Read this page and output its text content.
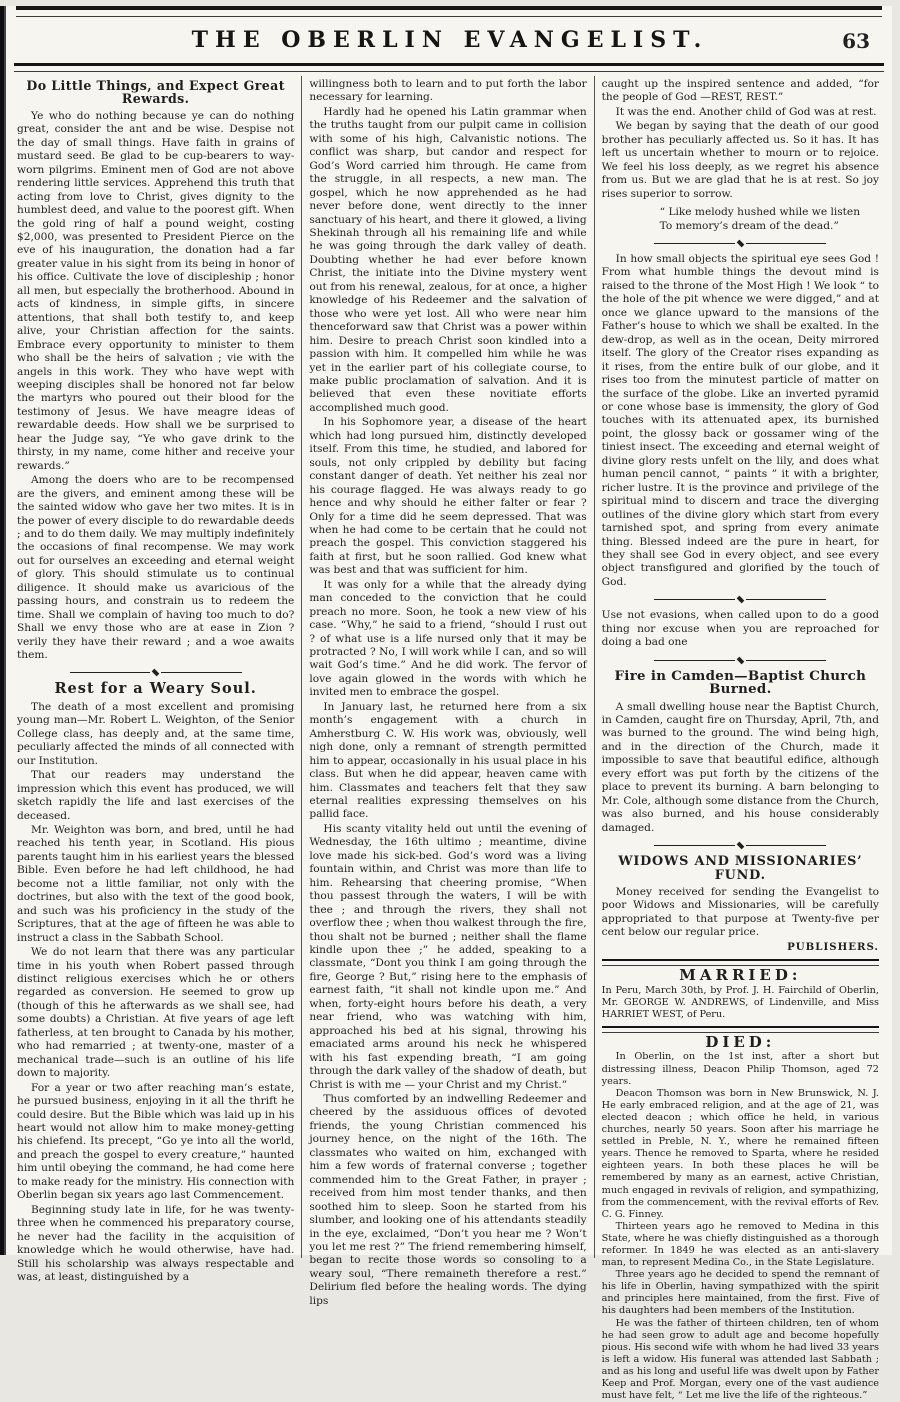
THE OBERLIN EVANGELIST.	63
Do Little Things, and Expect Great Rewards.

Ye who do nothing because ye can do nothing great, consider the ant and be wise. Despise not the day of small things. Have faith in grains of mustard seed. Be glad to be cup-bearers to way-worn pilgrims. Eminent men of God are not above rendering little services. Apprehend this truth that acting from love to Christ, gives dignity to the humblest deed, and value to the poorest gift. When the gold ring of half a pound weight, costing $2,000, was presented to President Pierce on the eve of his inauguration, the donation had a far greater value in his sight from its being in honor of his office. Cultivate the love of discipleship ; honor all men, but especially the brotherhood. Abound in acts of kindness, in simple gifts, in sincere attentions, that shall both testify to, and keep alive, your Christian affection for the saints. Embrace every opportunity to minister to them who shall be the heirs of salvation ; vie with the angels in this work. They who have wept with weeping disciples shall be honored not far below the martyrs who poured out their blood for the testimony of Jesus. We have meagre ideas of rewardable deeds. How shall we be surprised to hear the Judge say, “Ye who gave drink to the thirsty, in my name, come hither and receive your rewards.”

Among the doers who are to be recompensed are the givers, and eminent among these will be the sainted widow who gave her two mites. It is in the power of every disciple to do rewardable deeds ; and to do them daily. We may multiply indefinitely the occasions of final recompense. We may work out for ourselves an exceeding and eternal weight of glory. This should stimulate us to continual diligence. It should make us avaricious of the passing hours, and constrain us to redeem the time. Shall we complain of having too much to do? Shall we envy those who are at ease in Zion ? verily they have their reward ; and a woe awaits them.

Rest for a Weary Soul.

The death of a most excellent and promising young man—Mr. Robert L. Weighton, of the Senior College class, has deeply and, at the same time, peculiarly affected the minds of all connected with our Institution.

That our readers may understand the impression which this event has produced, we will sketch rapidly the life and last exercises of the deceased.

Mr. Weighton was born, and bred, until he had reached his tenth year, in Scotland. His pious parents taught him in his earliest years the blessed Bible. Even before he had left childhood, he had become not a little familiar, not only with the doctrines, but also with the text of the good book, and such was his proficiency in the study of the Scriptures, that at the age of fifteen he was able to instruct a class in the Sabbath School.

We do not learn that there was any particular time in his youth when Robert passed through distinct religious exercises which he or others regarded as conversion. He seemed to grow up (though of this he afterwards as we shall see, had some doubts) a Christian. At five years of age left fatherless, at ten brought to Canada by his mother, who had remarried ; at twenty-one, master of a mechanical trade—such is an outline of his life down to majority.

For a year or two after reaching man’s estate, he pursued business, enjoying in it all the thrift he could desire. But the Bible which was laid up in his heart would not allow him to make money-getting his chiefend. Its precept, “Go ye into all the world, and preach the gospel to every creature,” haunted him until obeying the command, he had come here to make ready for the ministry. His connection with Oberlin began six years ago last Commencement.

Beginning study late in life, for he was twenty-three when he commenced his preparatory course, he never had the facility in the acquisition of knowledge which he would otherwise, have had. Still his scholarship was always respectable and was, at least, distinguished by a

willingness both to learn and to put forth the labor necessary for learning.

Hardly had he opened his Latin grammar when the truths taught from our pulpit came in collision with some of his high, Calvanistic notions. The conflict was sharp, but candor and respect for God’s Word carried him through. He came from the struggle, in all respects, a new man. The gospel, which he now apprehended as he had never before done, went directly to the inner sanctuary of his heart, and there it glowed, a living Shekinah through all his remaining life and while he was going through the dark valley of death. Doubting whether he had ever before known Christ, the initiate into the Divine mystery went out from his renewal, zealous, for at once, a higher knowledge of his Redeemer and the salvation of those who were yet lost. All who were near him thenceforward saw that Christ was a power within him. Desire to preach Christ soon kindled into a passion with him. It compelled him while he was yet in the earlier part of his collegiate course, to make public proclamation of salvation. And it is believed that even these novitiate efforts accomplished much good.

In his Sophomore year, a disease of the heart which had long pursued him, distinctly developed itself. From this time, he studied, and labored for souls, not only crippled by debility but facing constant danger of death. Yet neither his zeal nor his courage flagged. He was always ready to go hence and why should he either falter or fear ? Only for a time did he seem depressed. That was when he had come to be certain that he could not preach the gospel. This conviction staggered his faith at first, but he soon rallied. God knew what was best and that was sufficient for him.

It was only for a while that the already dying man conceded to the conviction that he could preach no more. Soon, he took a new view of his case. “Why,” he said to a friend, “should I rust out ? of what use is a life nursed only that it may be protracted ? No, I will work while I can, and so will wait God’s time.” And he did work. The fervor of love again glowed in the words with which he invited men to embrace the gospel.

In January last, he returned here from a six month’s engagement with a church in Amherstburg C. W. His work was, obviously, well nigh done, only a remnant of strength permitted him to appear, occasionally in his usual place in his class. But when he did appear, heaven came with him. Classmates and teachers felt that they saw eternal realities expressing themselves on his pallid face.

His scanty vitality held out until the evening of Wednesday, the 16th ultimo ; meantime, divine love made his sick-bed. God’s word was a living fountain within, and Christ was more than life to him. Rehearsing that cheering promise, “When thou passest through the waters, I will be with thee ; and through the rivers, they shall not overflow thee ; when thou walkest through the fire, thou shalt not be burned ; neither shall the flame kindle upon thee ;” he added, speaking to a classmate, “Dont you think I am going through the fire, George ? But,” rising here to the emphasis of earnest faith, “it shall not kindle upon me.” And when, forty-eight hours before his death, a very near friend, who was watching with him, approached his bed at his signal, throwing his emaciated arms around his neck he whispered with his fast expending breath, “I am going through the dark valley of the shadow of death, but Christ is with me — your Christ and my Christ.”

Thus comforted by an indwelling Redeemer and cheered by the assiduous offices of devoted friends, the young Christian commenced his journey hence, on the night of the 16th. The classmates who waited on him, exchanged with him a few words of fraternal converse ; together commended him to the Great Father, in prayer ; received from him most tender thanks, and then soothed him to sleep. Soon he started from his slumber, and looking one of his attendants steadily in the eye, exclaimed, “Don’t you hear me ? Won’t you let me rest ?” The friend remembering himself, began to recite those words so consoling to a weary soul, “There remaineth therefore a rest.” Delirium fled before the healing words. The dying lips

caught up the inspired sentence and added, “for the people of God —REST, REST.”

It was the end. Another child of God was at rest.

We began by saying that the death of our good brother has peculiarly affected us. So it has. It has left us uncertain whether to mourn or to rejoice. We feel his loss deeply, as we regret his absence from us. But we are glad that he is at rest. So joy rises superior to sorrow.

“ Like melody hushed while we listen
To memory’s dream of the dead.”

In how small objects the spiritual eye sees God ! From what humble things the devout mind is raised to the throne of the Most High ! We look “ to the hole of the pit whence we were digged,” and at once we glance upward to the mansions of the Father’s house to which we shall be exalted. In the dew-drop, as well as in the ocean, Deity mirrored itself. The glory of the Creator rises expanding as it rises, from the entire bulk of our globe, and it rises too from the minutest particle of matter on the surface of the globe. Like an inverted pyramid or cone whose base is immensity, the glory of God touches with its attenuated apex, its burnished point, the glossy back or gossamer wing of the tiniest insect. The exceeding and eternal weight of divine glory rests unfelt on the lily, and does what human pencil cannot, “ paints ” it with a brighter, richer lustre. It is the province and privilege of the spiritual mind to discern and trace the diverging outlines of the divine glory which start from every tarnished spot, and spring from every animate thing. Blessed indeed are the pure in heart, for they shall see God in every object, and see every object transfigured and glorified by the touch of God.

Use not evasions, when called upon to do a good thing nor excuse when you are reproached for doing a bad one

Fire in Camden—Baptist Church Burned.

A small dwelling house near the Baptist Church, in Camden, caught fire on Thursday, April, 7th, and was burned to the ground. The wind being high, and in the direction of the Church, made it impossible to save that beautiful edifice, although every effort was put forth by the citizens of the place to prevent its burning. A barn belonging to Mr. Cole, although some distance from the Church, was also burned, and his house considerably damaged.

WIDOWS AND MISSIONARIES’ FUND.

Money received for sending the Evangelist to poor Widows and Missionaries, will be carefully appropriated to that purpose at Twenty-five per cent below our regular price.

PUBLISHERS.
MARRIED:

In Peru, March 30th, by Prof. J. H. Fairchild of Oberlin, Mr. GEORGE W. ANDREWS, of Lindenville, and Miss HARRIET WEST, of Peru.

DIED:

In Oberlin, on the 1st inst, after a short but distressing illness, Deacon Philip Thomson, aged 72 years.

Deacon Thomson was born in New Brunswick, N. J. He early embraced religion, and at the age of 21, was elected deacon ; which office he held, in various churches, nearly 50 years. Soon after his marriage he settled in Preble, N. Y., where he remained fifteen years. Thence he removed to Sparta, where he resided eighteen years. In both these places he will be remembered by many as an earnest, active Christian, much engaged in revivals of religion, and sympathizing, from the commencement, with the revival efforts of Rev. C. G. Finney.

Thirteen years ago he removed to Medina in this State, where he was chiefly distinguished as a thorough reformer. In 1849 he was elected as an anti-slavery man, to represent Medina Co., in the State Legislature.

Three years ago he decided to spend the remnant of his life in Oberlin, having sympathized with the spirit and principles here maintained, from the first. Five of his daughters had been members of the Institution.

He was the father of thirteen children, ten of whom he had seen grow to adult age and become hopefully pious. His second wife with whom he had lived 33 years is left a widow. His funeral was attended last Sabbath ; and as his long and useful life was dwelt upon by Father Keep and Prof. Morgan, every one of the vast audience must have felt, “ Let me live the life of the righteous.”
